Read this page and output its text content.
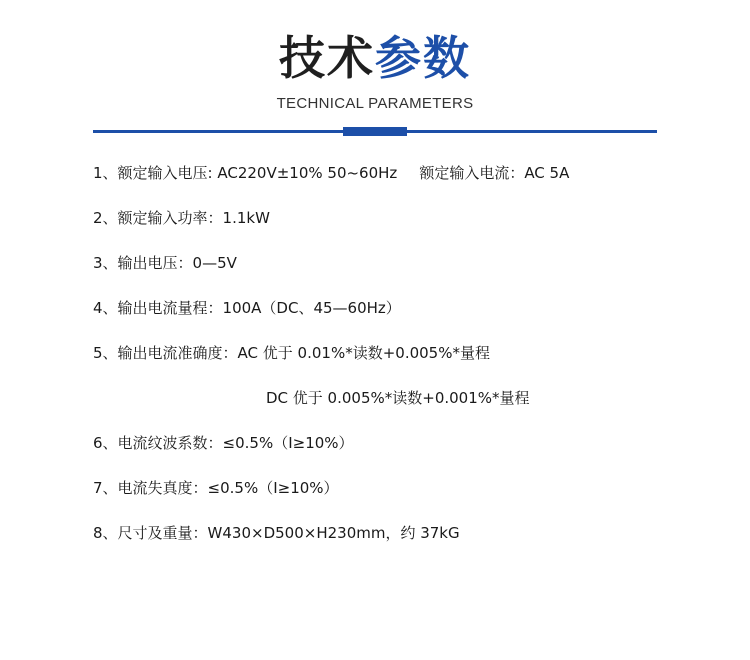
技术参数
TECHNICAL PARAMETERS
1、额定输入电压: AC220V±10% 50~60Hz 额定输入电流：AC 5A
2、额定输入功率：1.1kW
3、输出电压：0—5V
4、输出电流量程：100A（DC、45—60Hz）
5、输出电流准确度：AC 优于 0.01%*读数+0.005%*量程
DC 优于 0.005%*读数+0.001%*量程
6、电流纹波系数：≤0.5%（I≥10%）
7、电流失真度：≤0.5%（I≥10%）
8、尺寸及重量：W430×D500×H230mm，约 37kG
